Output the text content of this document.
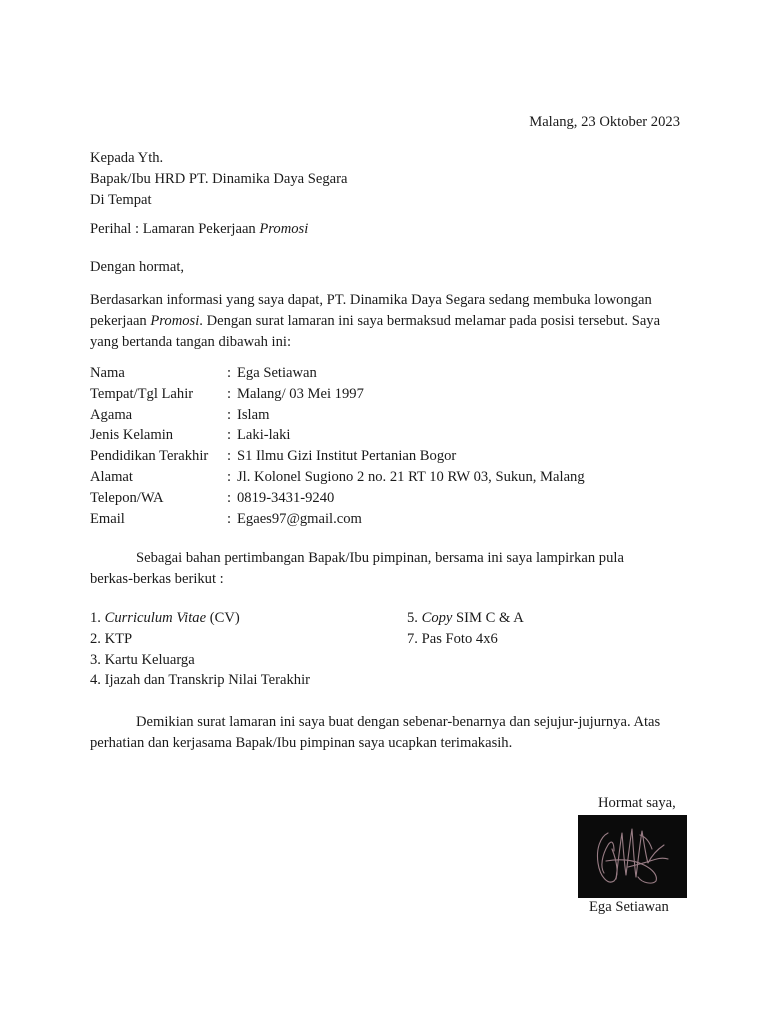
Malang, 23 Oktober 2023
Kepada Yth.
Bapak/Ibu HRD PT. Dinamika Daya Segara
Di Tempat
Perihal : Lamaran Pekerjaan Promosi
Dengan hormat,
Berdasarkan informasi yang saya dapat, PT. Dinamika Daya Segara sedang membuka lowongan pekerjaan Promosi. Dengan surat lamaran ini saya bermaksud melamar pada posisi tersebut. Saya yang bertanda tangan dibawah ini:
Nama	:	Ega Setiawan
Tempat/Tgl Lahir	:	Malang/ 03 Mei 1997
Agama	:	Islam
Jenis Kelamin	:	Laki-laki
Pendidikan Terakhir	:	S1 Ilmu Gizi Institut Pertanian Bogor
Alamat	:	Jl. Kolonel Sugiono 2 no. 21 RT 10 RW 03, Sukun, Malang
Telepon/WA	:	0819-3431-9240
Email	:	Egaes97@gmail.com
Sebagai bahan pertimbangan Bapak/Ibu pimpinan, bersama ini saya lampirkan pula berkas-berkas berikut :
1. Curriculum Vitae (CV)
2. KTP
3. Kartu Keluarga
4. Ijazah dan Transkrip Nilai Terakhir
5. Copy SIM C & A
7. Pas Foto 4x6
Demikian surat lamaran ini saya buat dengan sebenar-benarnya dan sejujur-jujurnya. Atas perhatian dan kerjasama Bapak/Ibu pimpinan saya ucapkan terimakasih.
Hormat saya,
Ega Setiawan
